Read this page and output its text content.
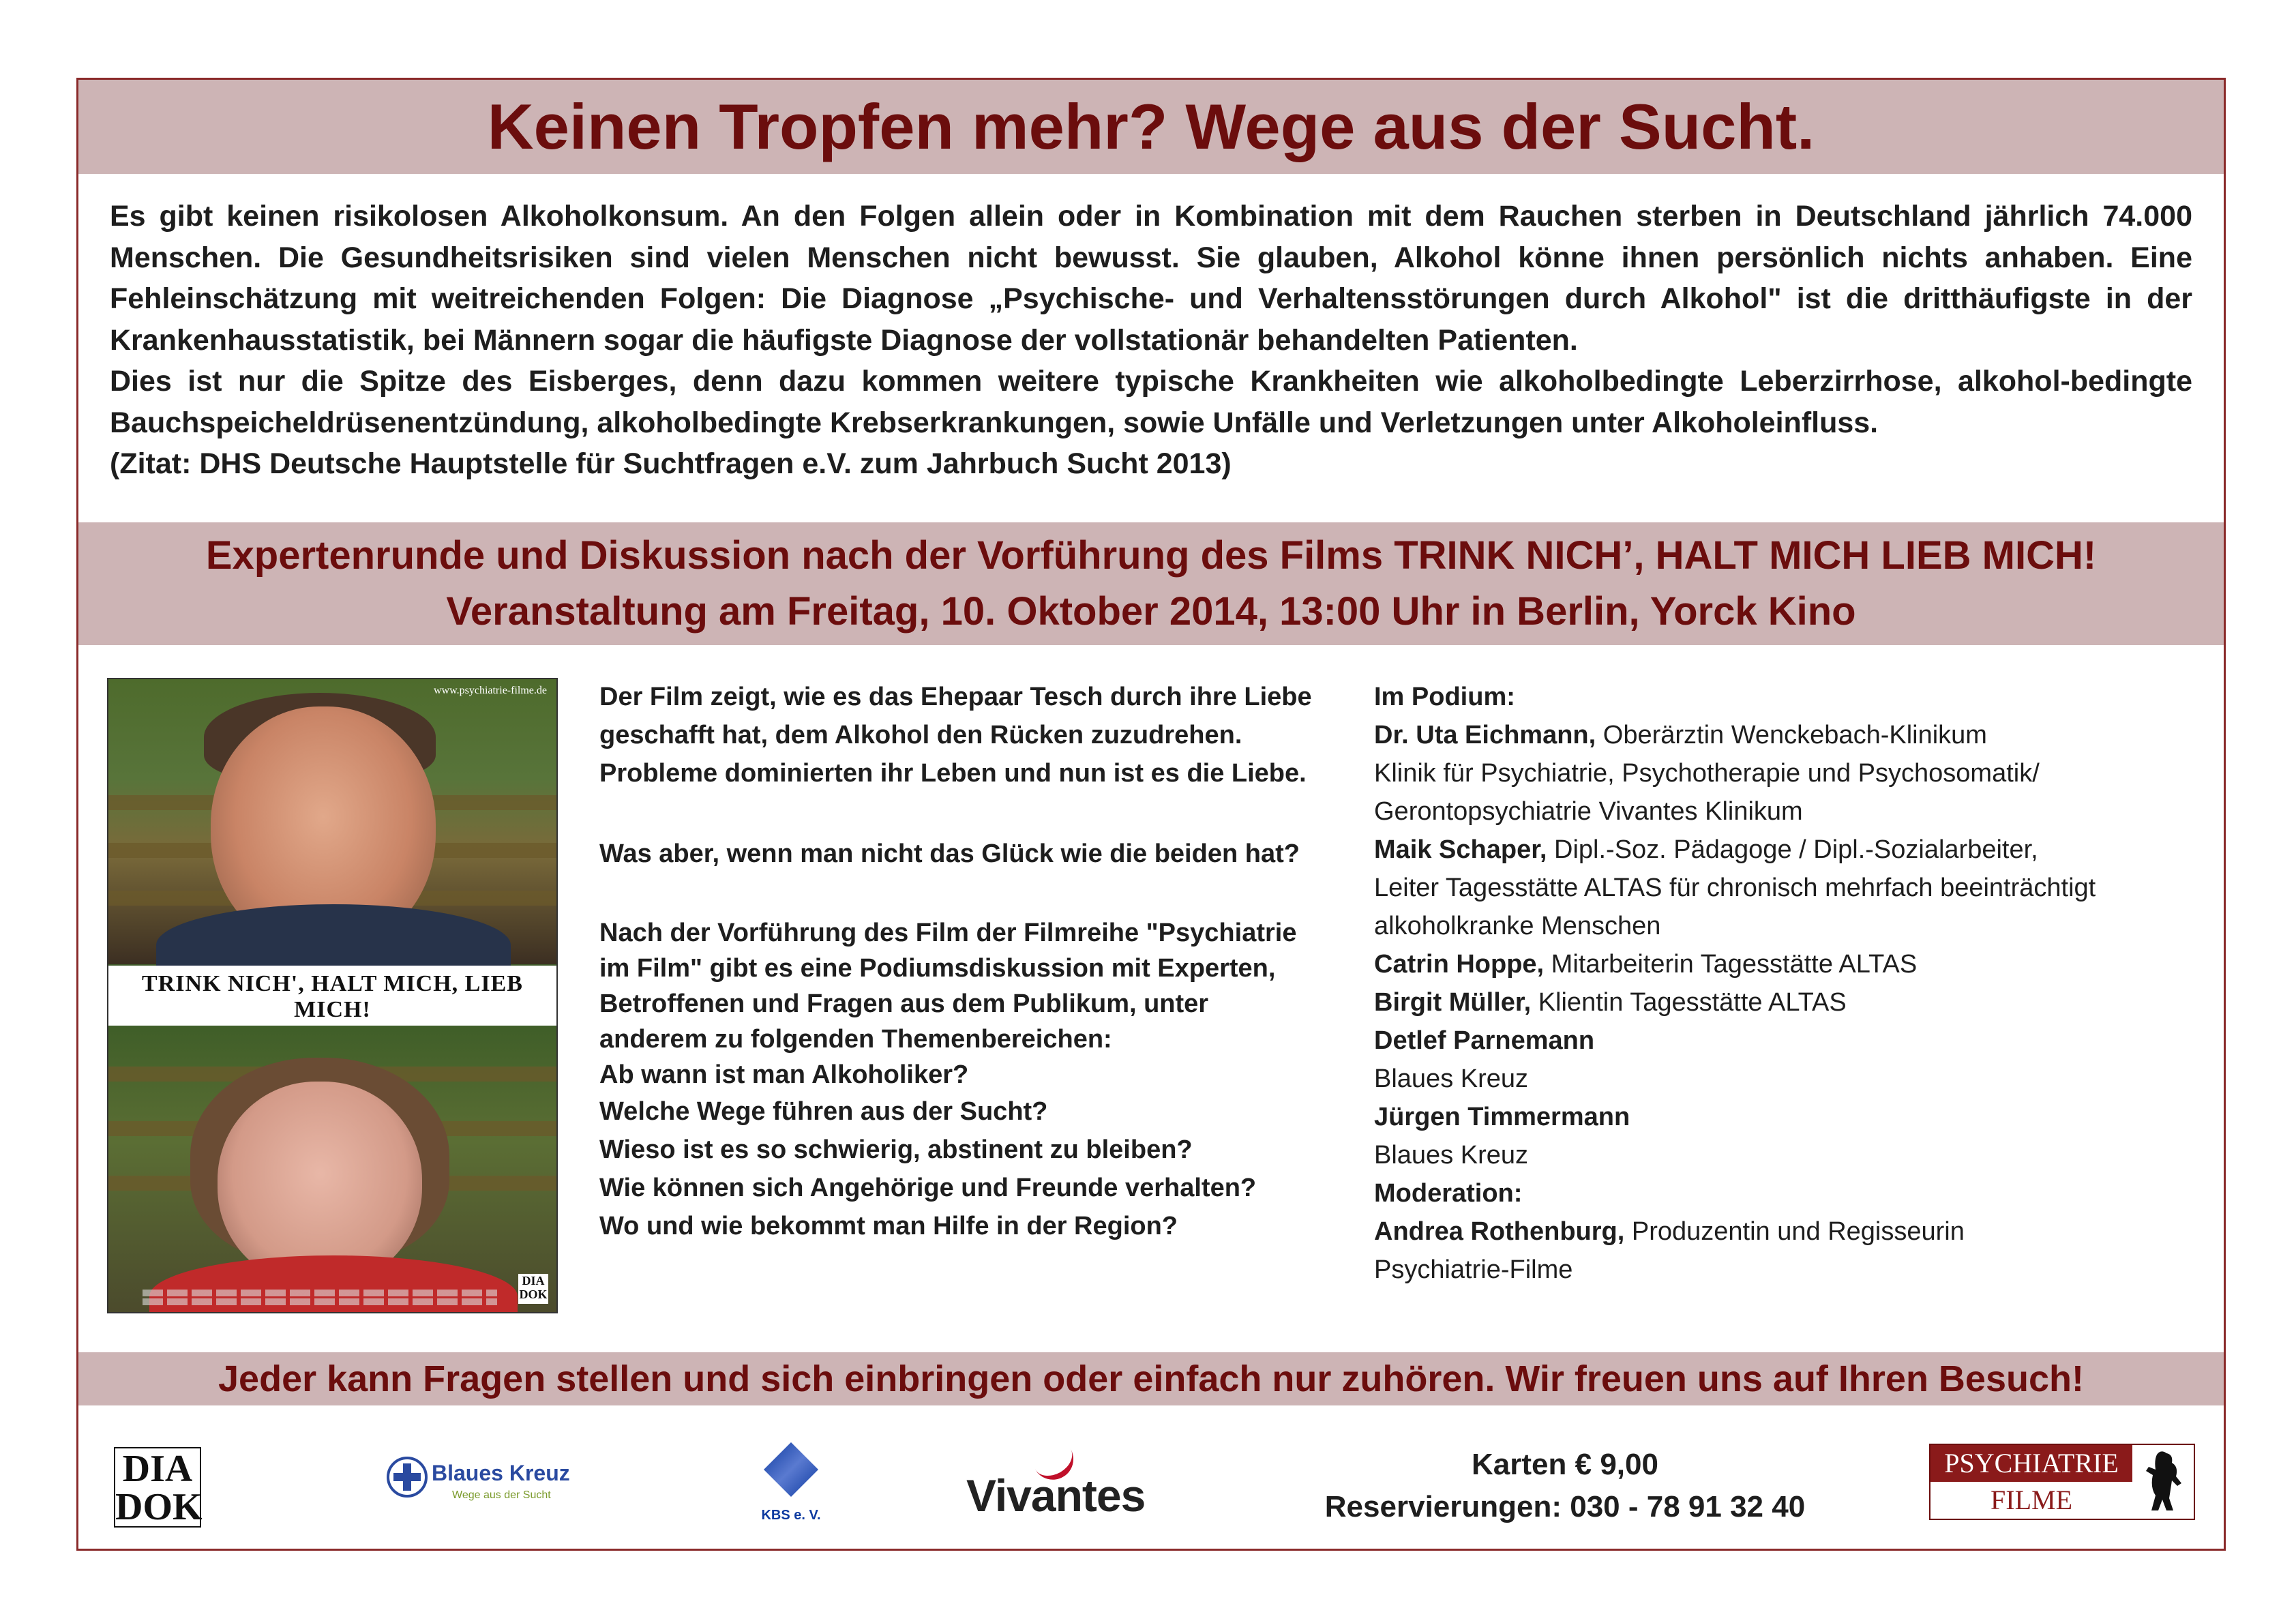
Keinen Tropfen mehr? Wege aus der Sucht.

Es gibt keinen risikolosen Alkoholkonsum. An den Folgen allein oder in Kombination mit dem Rauchen sterben in Deutschland jährlich 74.000 Menschen. Die Gesundheitsrisiken sind vielen Menschen nicht bewusst. Sie glauben, Alkohol könne ihnen persönlich nichts anhaben. Eine Fehleinschätzung mit weitreichenden Folgen: Die Diagnose „Psychische- und Verhaltensstörungen durch Alkohol" ist die dritthäufigste in der Krankenhausstatistik, bei Männern sogar die häufigste Diagnose der vollstationär behandelten Patienten.

Dies ist nur die Spitze des Eisberges, denn dazu kommen weitere typische Krankheiten wie alkoholbedingte Leberzirrhose, alkohol-bedingte Bauchspeicheldrüsenentzündung, alkoholbedingte Krebserkrankungen, sowie Unfälle und Verletzungen unter Alkoholeinfluss.

(Zitat: DHS Deutsche Hauptstelle für Suchtfragen e.V. zum Jahrbuch Sucht 2013)

Expertenrunde und Diskussion nach der Vorführung des Films TRINK NICH’, HALT MICH LIEB MICH!
Veranstaltung am Freitag, 10. Oktober 2014, 13:00 Uhr in Berlin, Yorck Kino
www.psychiatrie-filme.de
TRINK NICH', HALT MICH, LIEB MICH!
DIA
DOK

Der Film zeigt, wie es das Ehepaar Tesch durch ihre Liebe geschafft hat, dem Alkohol den Rücken zuzudrehen. Probleme dominierten ihr Leben und nun ist es die Liebe.

Was aber, wenn man nicht das Glück wie die beiden hat?

Nach der Vorführung des Film der Filmreihe "Psychiatrie im Film" gibt es eine Podiumsdiskussion mit Experten, Betroffenen und Fragen aus dem Publikum, unter anderem zu folgenden Themenbereichen:

Ab wann ist man Alkoholiker?

Welche Wege führen aus der Sucht?

Wieso ist es so schwierig, abstinent zu bleiben?

Wie können sich Angehörige und Freunde verhalten?

Wo und wie bekommt man Hilfe in der Region?

Im Podium:

Dr. Uta Eichmann, Oberärztin Wenckebach-Klinikum

Klinik für Psychiatrie, Psychotherapie und Psychosomatik/

Gerontopsychiatrie Vivantes Klinikum

Maik Schaper, Dipl.-Soz. Pädagoge / Dipl.-Sozialarbeiter,

Leiter Tagesstätte ALTAS für chronisch mehrfach beeinträchtigt

alkoholkranke Menschen

Catrin Hoppe, Mitarbeiterin Tagesstätte ALTAS

Birgit Müller, Klientin Tagesstätte ALTAS

Detlef Parnemann

Blaues Kreuz

Jürgen Timmermann

Blaues Kreuz

Moderation:

Andrea Rothenburg, Produzentin und Regisseurin

Psychiatrie-Filme

Jeder kann Fragen stellen und sich einbringen oder einfach nur zuhören. Wir freuen uns auf Ihren Besuch!
DIA
DOK
Blaues Kreuz
Wege aus der Sucht
KBS e. V.	Vivantes
Karten € 9,00
Reservierungen: 030 - 78 91 32 40
PSYCHIATRIE
FILME
